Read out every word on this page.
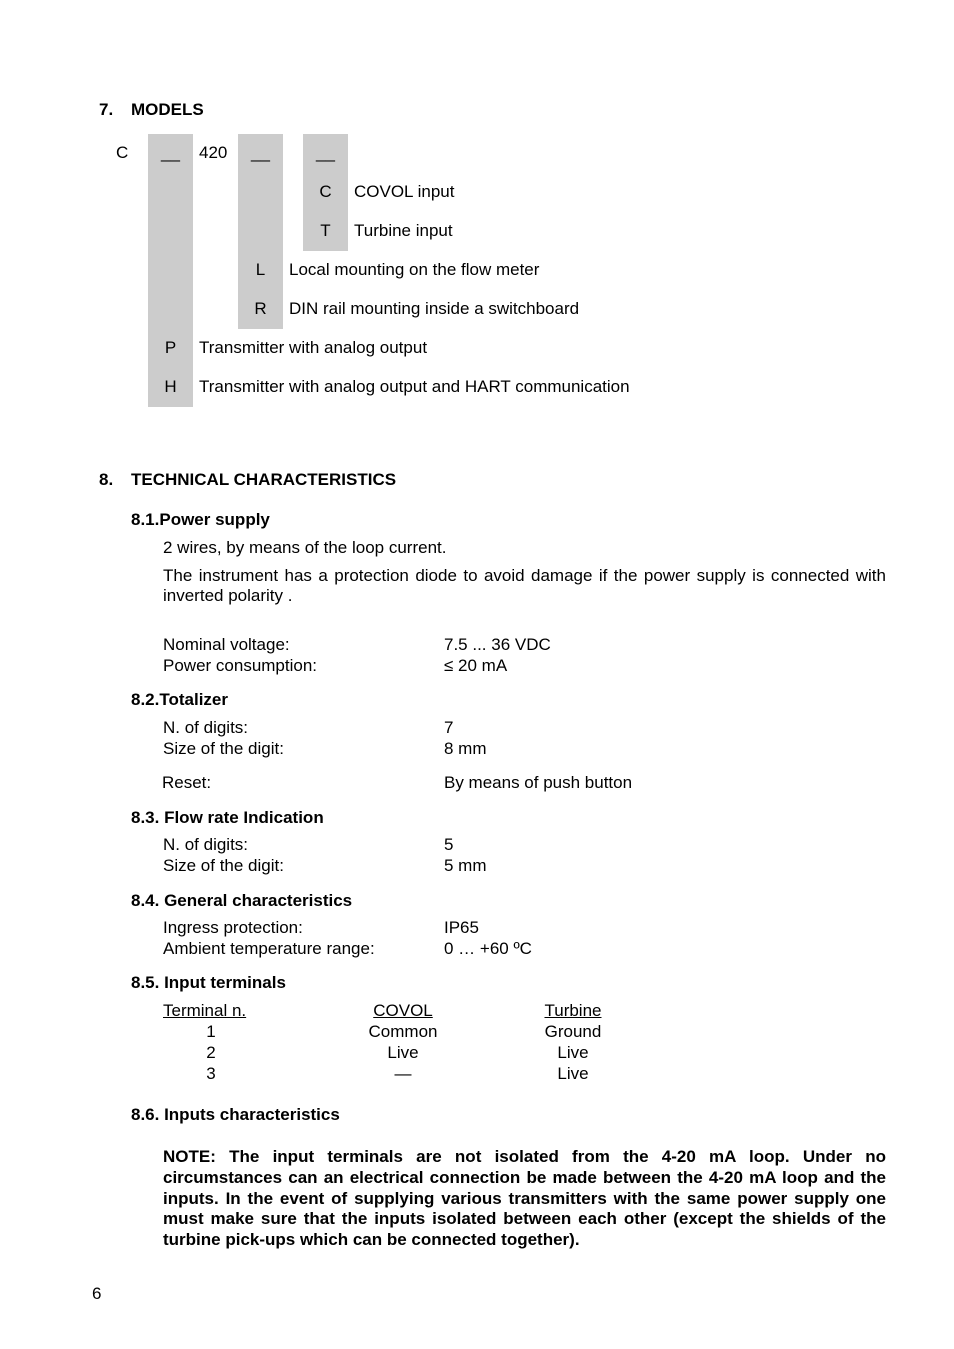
7. MODELS
C	__	420	__	__
C	COVOL input
T	Turbine input
L	Local mounting on the flow meter
R	DIN rail mounting inside a switchboard
P	Transmitter with analog output
H	Transmitter with analog output and HART communication
8. TECHNICAL CHARACTERISTICS
8.1.Power supply
2 wires, by means of the loop current.
The instrument has a protection diode to avoid damage if the power supply is connected with inverted polarity .
Nominal voltage:	7.5 ... 36 VDC
Power consumption:	≤ 20 mA
8.2.Totalizer
N. of digits:	7
Size of the digit:	8 mm
Reset:	By means of push button
8.3. Flow rate Indication
N. of digits:	5
Size of the digit:	5 mm
8.4. General characteristics
Ingress protection:	IP65
Ambient temperature range:	0 … +60 ºC
8.5. Input terminals
Terminal n.	COVOL	Turbine
1	Common	Ground
2	Live	Live
3	—	Live
8.6. Inputs characteristics
NOTE: The input terminals are not isolated from the 4-20 mA loop. Under no circumstances can an electrical connection be made between the 4-20 mA loop and the inputs. In the event of supplying various transmitters with the same power supply one must make sure that the inputs isolated between each other (except the shields of the turbine pick-ups which can be connected together).
6
